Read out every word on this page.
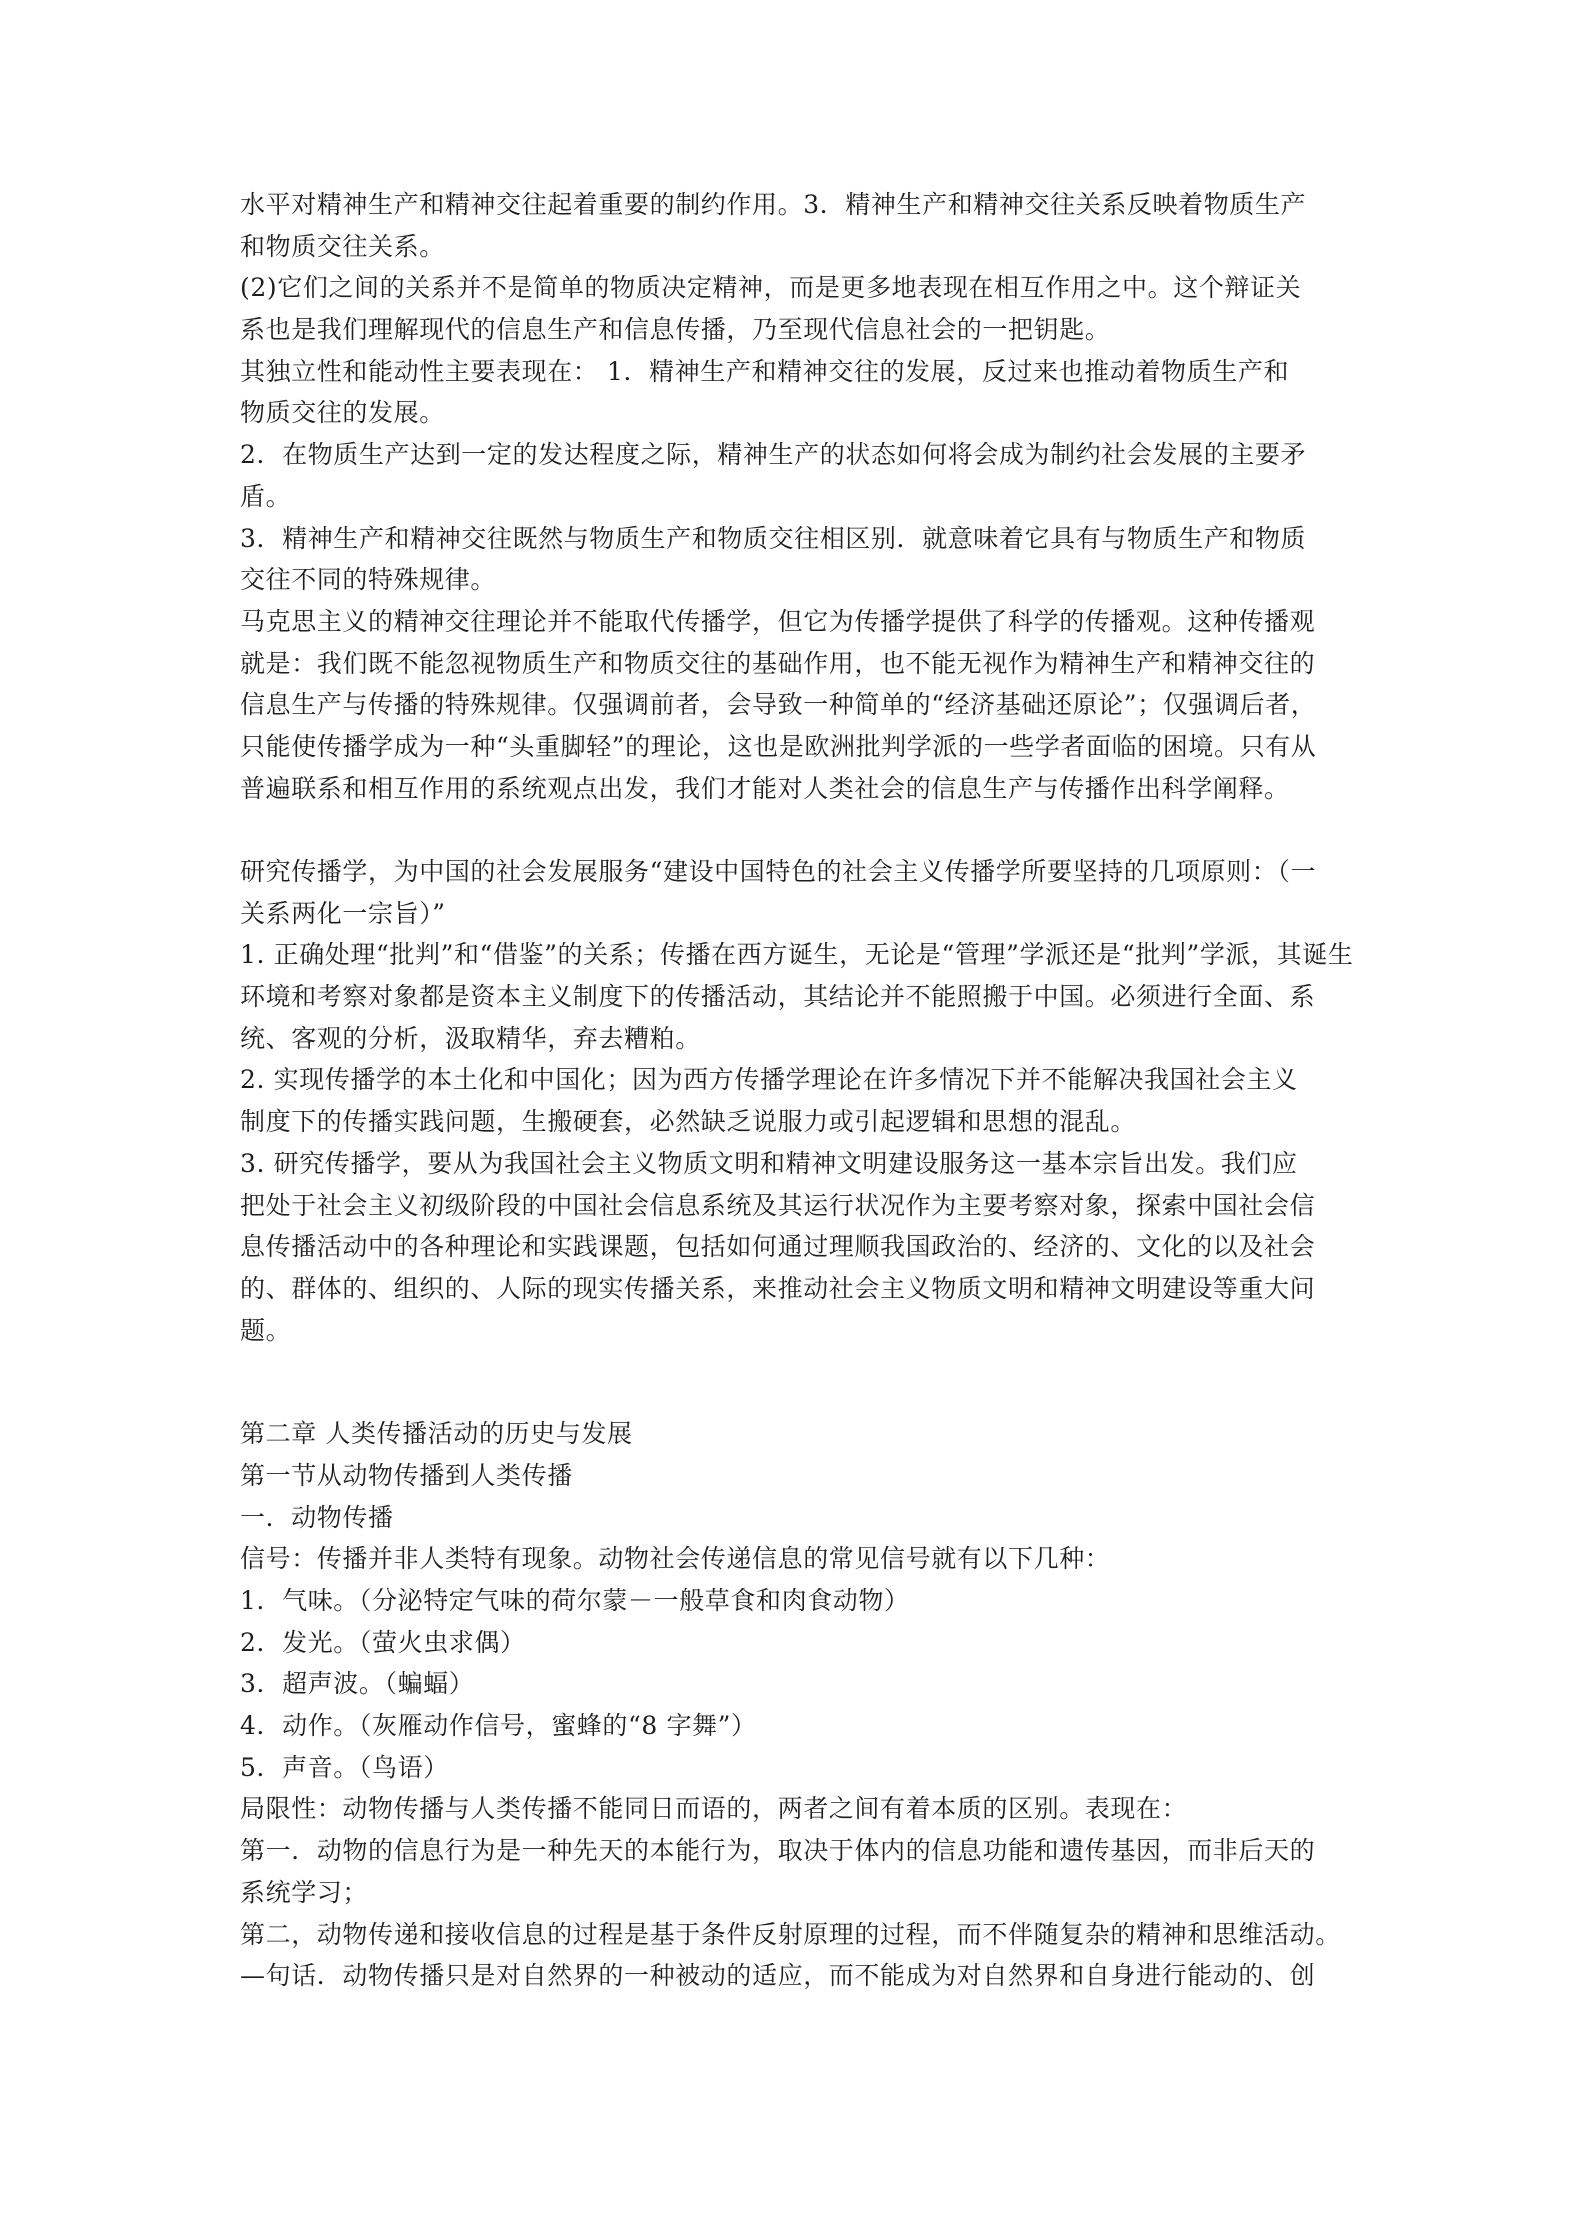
水平对精神生产和精神交往起着重要的制约作用。3．精神生产和精神交往关系反映着物质生产
和物质交往关系。
(2)它们之间的关系并不是简单的物质决定精神，而是更多地表现在相互作用之中。这个辩证关
系也是我们理解现代的信息生产和信息传播，乃至现代信息社会的一把钥匙。
其独立性和能动性主要表现在： 1．精神生产和精神交往的发展，反过来也推动着物质生产和
物质交往的发展。
2．在物质生产达到一定的发达程度之际，精神生产的状态如何将会成为制约社会发展的主要矛
盾。
3．精神生产和精神交往既然与物质生产和物质交往相区别．就意味着它具有与物质生产和物质
交往不同的特殊规律。
马克思主义的精神交往理论并不能取代传播学，但它为传播学提供了科学的传播观。这种传播观
就是：我们既不能忽视物质生产和物质交往的基础作用，也不能无视作为精神生产和精神交往的
信息生产与传播的特殊规律。仅强调前者，会导致一种简单的“经济基础还原论”；仅强调后者，
只能使传播学成为一种“头重脚轻”的理论，这也是欧洲批判学派的一些学者面临的困境。只有从
普遍联系和相互作用的系统观点出发，我们才能对人类社会的信息生产与传播作出科学阐释。
研究传播学，为中国的社会发展服务“建设中国特色的社会主义传播学所要坚持的几项原则：（一
关系两化一宗旨）”
1. 正确处理“批判”和“借鉴”的关系；传播在西方诞生，无论是“管理”学派还是“批判”学派，其诞生
环境和考察对象都是资本主义制度下的传播活动，其结论并不能照搬于中国。必须进行全面、系
统、客观的分析，汲取精华，弃去糟粕。
2. 实现传播学的本土化和中国化；因为西方传播学理论在许多情况下并不能解决我国社会主义
制度下的传播实践问题，生搬硬套，必然缺乏说服力或引起逻辑和思想的混乱。
3. 研究传播学，要从为我国社会主义物质文明和精神文明建设服务这一基本宗旨出发。我们应
把处于社会主义初级阶段的中国社会信息系统及其运行状况作为主要考察对象，探索中国社会信
息传播活动中的各种理论和实践课题，包括如何通过理顺我国政治的、经济的、文化的以及社会
的、群体的、组织的、人际的现实传播关系，来推动社会主义物质文明和精神文明建设等重大问
题。
第二章 人类传播活动的历史与发展
第一节从动物传播到人类传播
一．动物传播
信号：传播并非人类特有现象。动物社会传递信息的常见信号就有以下几种：
1．气味。（分泌特定气味的荷尔蒙－一般草食和肉食动物）
2．发光。（萤火虫求偶）
3．超声波。（蝙蝠）
4．动作。（灰雁动作信号，蜜蜂的“8 字舞”）
5．声音。（鸟语）
局限性：动物传播与人类传播不能同日而语的，两者之间有着本质的区别。表现在：
第一．动物的信息行为是一种先天的本能行为，取决于体内的信息功能和遗传基因，而非后天的
系统学习；
第二，动物传递和接收信息的过程是基于条件反射原理的过程，而不伴随复杂的精神和思维活动。
—句话．动物传播只是对自然界的一种被动的适应，而不能成为对自然界和自身进行能动的、创
